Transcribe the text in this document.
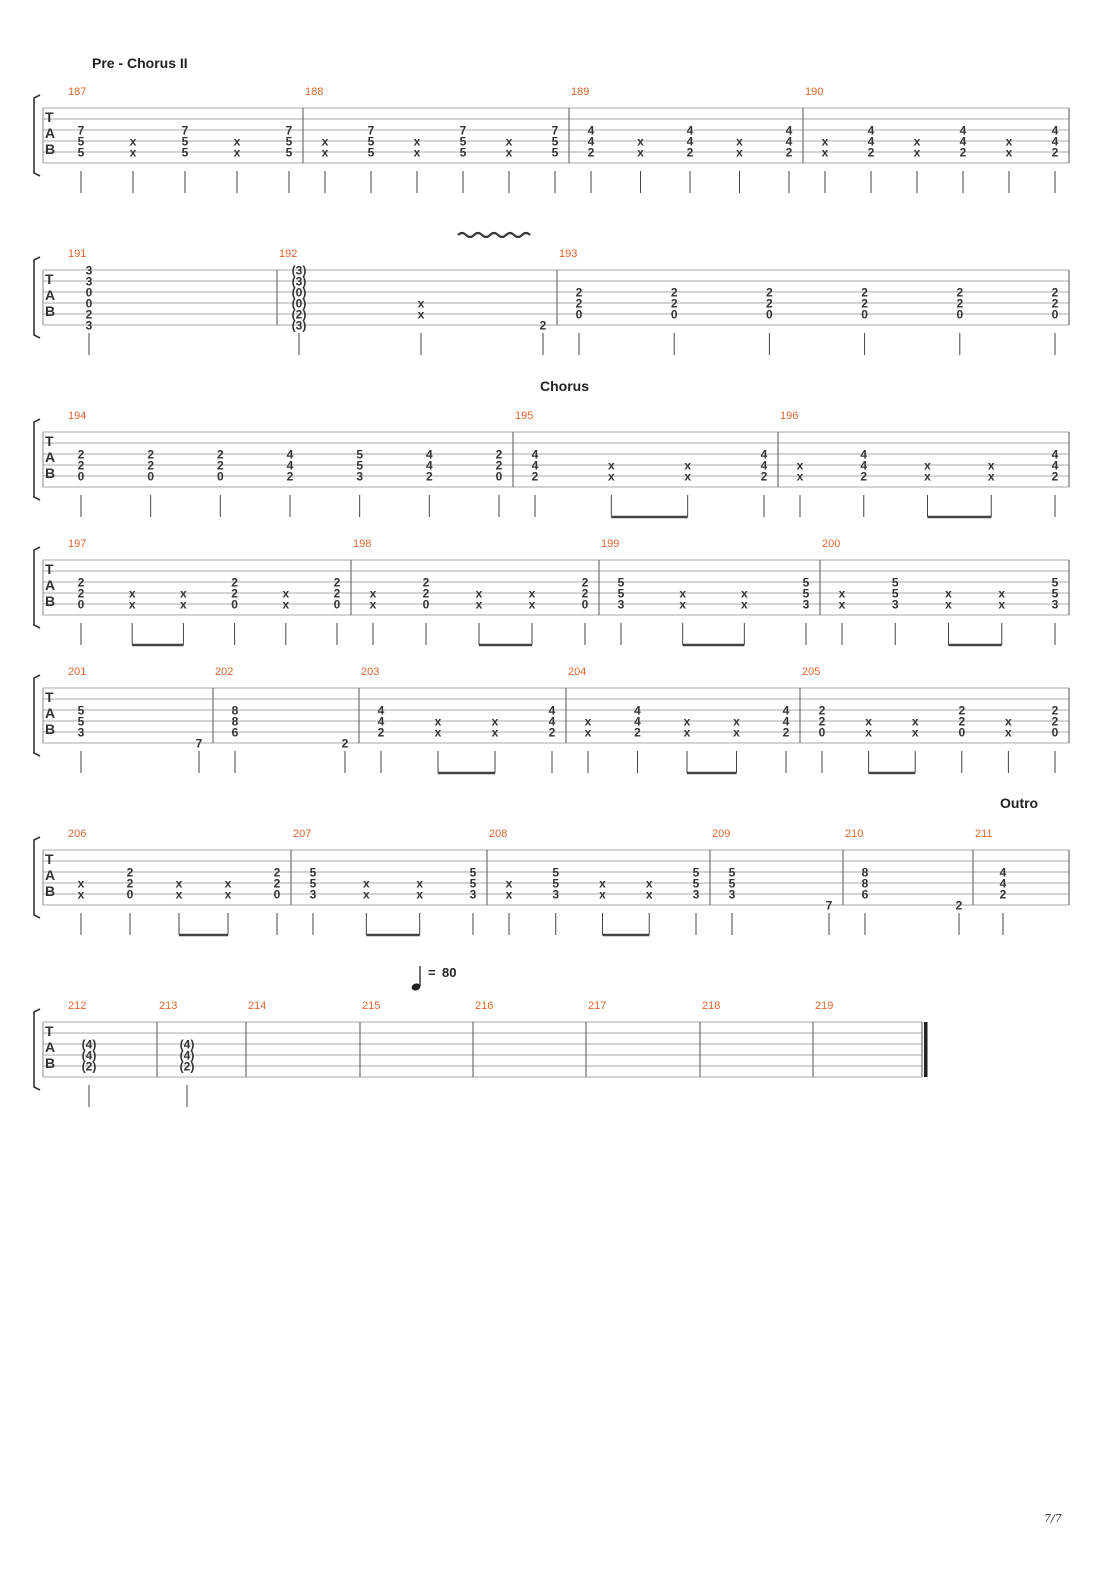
Pre - Chorus II
Chorus
Outro
= 80
T
A
B
187
7
5
5
x
x
7
5
5
x
x
7
5
5
188
x
x
7
5
5
x
x
7
5
5
x
x
7
5
5
189
4
4
2
x
x
4
4
2
x
x
4
4
2
190
x
x
4
4
2
x
x
4
4
2
x
x
4
4
2
T
A
B
191
3
3
0
0
2
3
192
(3)
(3)
(0)
(0)
(2)
(3)
x
x
2
193
2
2
0
2
2
0
2
2
0
2
2
0
2
2
0
2
2
0
T
A
B
194
2
2
0
2
2
0
2
2
0
4
4
2
5
5
3
4
4
2
2
2
0
195
4
4
2
x
x
x
x
4
4
2
196
x
x
4
4
2
x
x
x
x
4
4
2
T
A
B
197
2
2
0
x
x
x
x
2
2
0
x
x
2
2
0
198
x
x
2
2
0
x
x
x
x
2
2
0
199
5
5
3
x
x
x
x
5
5
3
200
x
x
5
5
3
x
x
x
x
5
5
3
T
A
B
201
5
5
3
7
202
8
8
6
2
203
4
4
2
x
x
x
x
4
4
2
204
x
x
4
4
2
x
x
x
x
4
4
2
205
2
2
0
x
x
x
x
2
2
0
x
x
2
2
0
T
A
B
206
x
x
2
2
0
x
x
x
x
2
2
0
207
5
5
3
x
x
x
x
5
5
3
208
x
x
5
5
3
x
x
x
x
5
5
3
209
5
5
3
7
210
8
8
6
2
211
4
4
2
T
A
B
212
(4)
(4)
(2)
213
(4)
(4)
(2)
214	215	216	217	218	219
7/7
